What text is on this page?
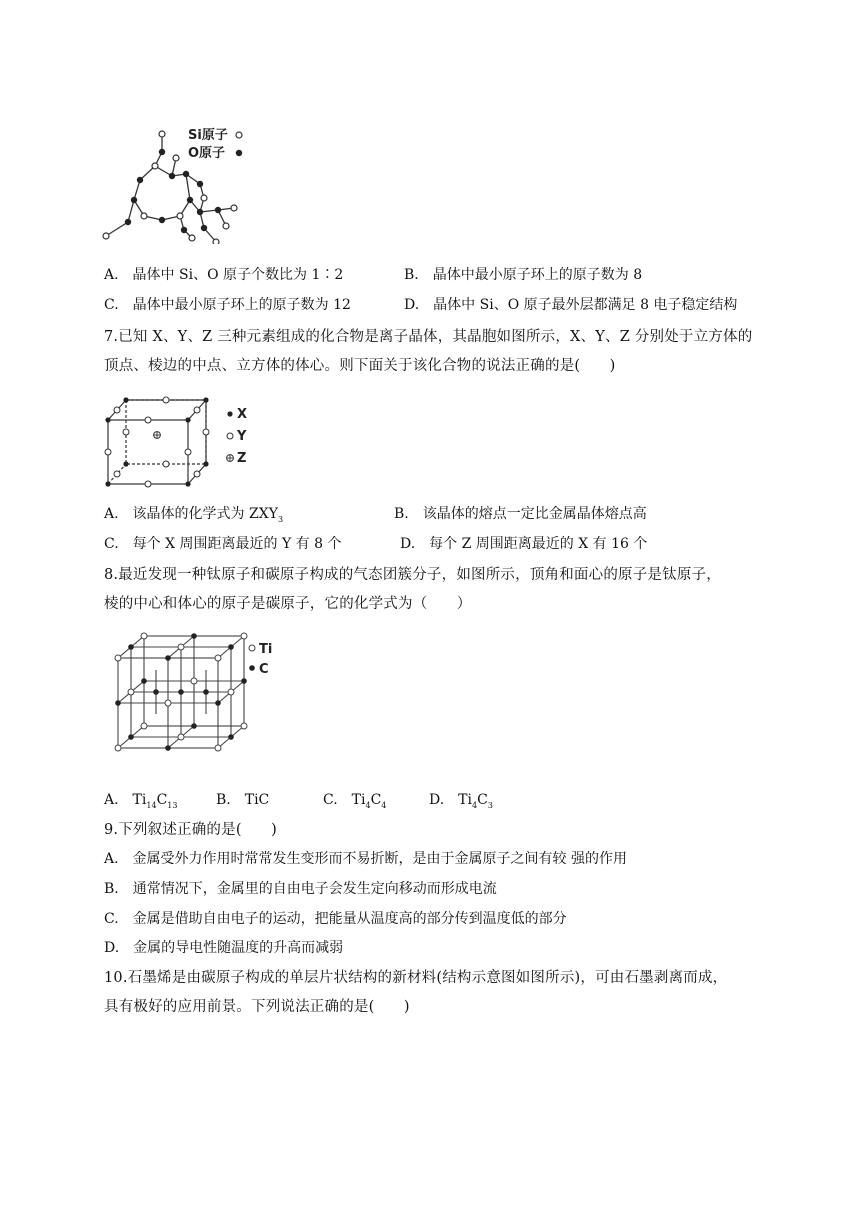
Si原子
O原子
A.　晶体中 Si、O 原子个数比为 1∶2	B.　晶体中最小原子环上的原子数为 8
C.　晶体中最小原子环上的原子数为 12	D.　晶体中 Si、O 原子最外层都满足 8 电子稳定结构
7.已知 X、Y、Z 三种元素组成的化合物是离子晶体，其晶胞如图所示，X、Y、Z 分别处于立方体的
顶点、棱边的中点、立方体的体心。则下面关于该化合物的说法正确的是(　　)
X
Y
Z
A.　该晶体的化学式为 $ZXY_3$	B.　该晶体的熔点一定比金属晶体熔点高
C.　每个 X 周围距离最近的 Y 有 8 个	D.　每个 Z 周围距离最近的 X 有 16 个
8.最近发现一种钛原子和碳原子构成的气态团簇分子，如图所示，顶角和面心的原子是钛原子，
棱的中心和体心的原子是碳原子，它的化学式为（　　）
Ti
C
A.　$Ti_{14}C_{13}$	B.　TiC	C.　$Ti_4C_4$	D.　$Ti_4C_3$
9.下列叙述正确的是(　　)
A.　金属受外力作用时常常发生变形而不易折断，是由于金属原子之间有较 强的作用
B.　通常情况下，金属里的自由电子会发生定向移动而形成电流
C.　金属是借助自由电子的运动，把能量从温度高的部分传到温度低的部分
D.　金属的导电性随温度的升高而减弱
10.石墨烯是由碳原子构成的单层片状结构的新材料(结构示意图如图所示)，可由石墨剥离而成，
具有极好的应用前景。下列说法正确的是(　　)
